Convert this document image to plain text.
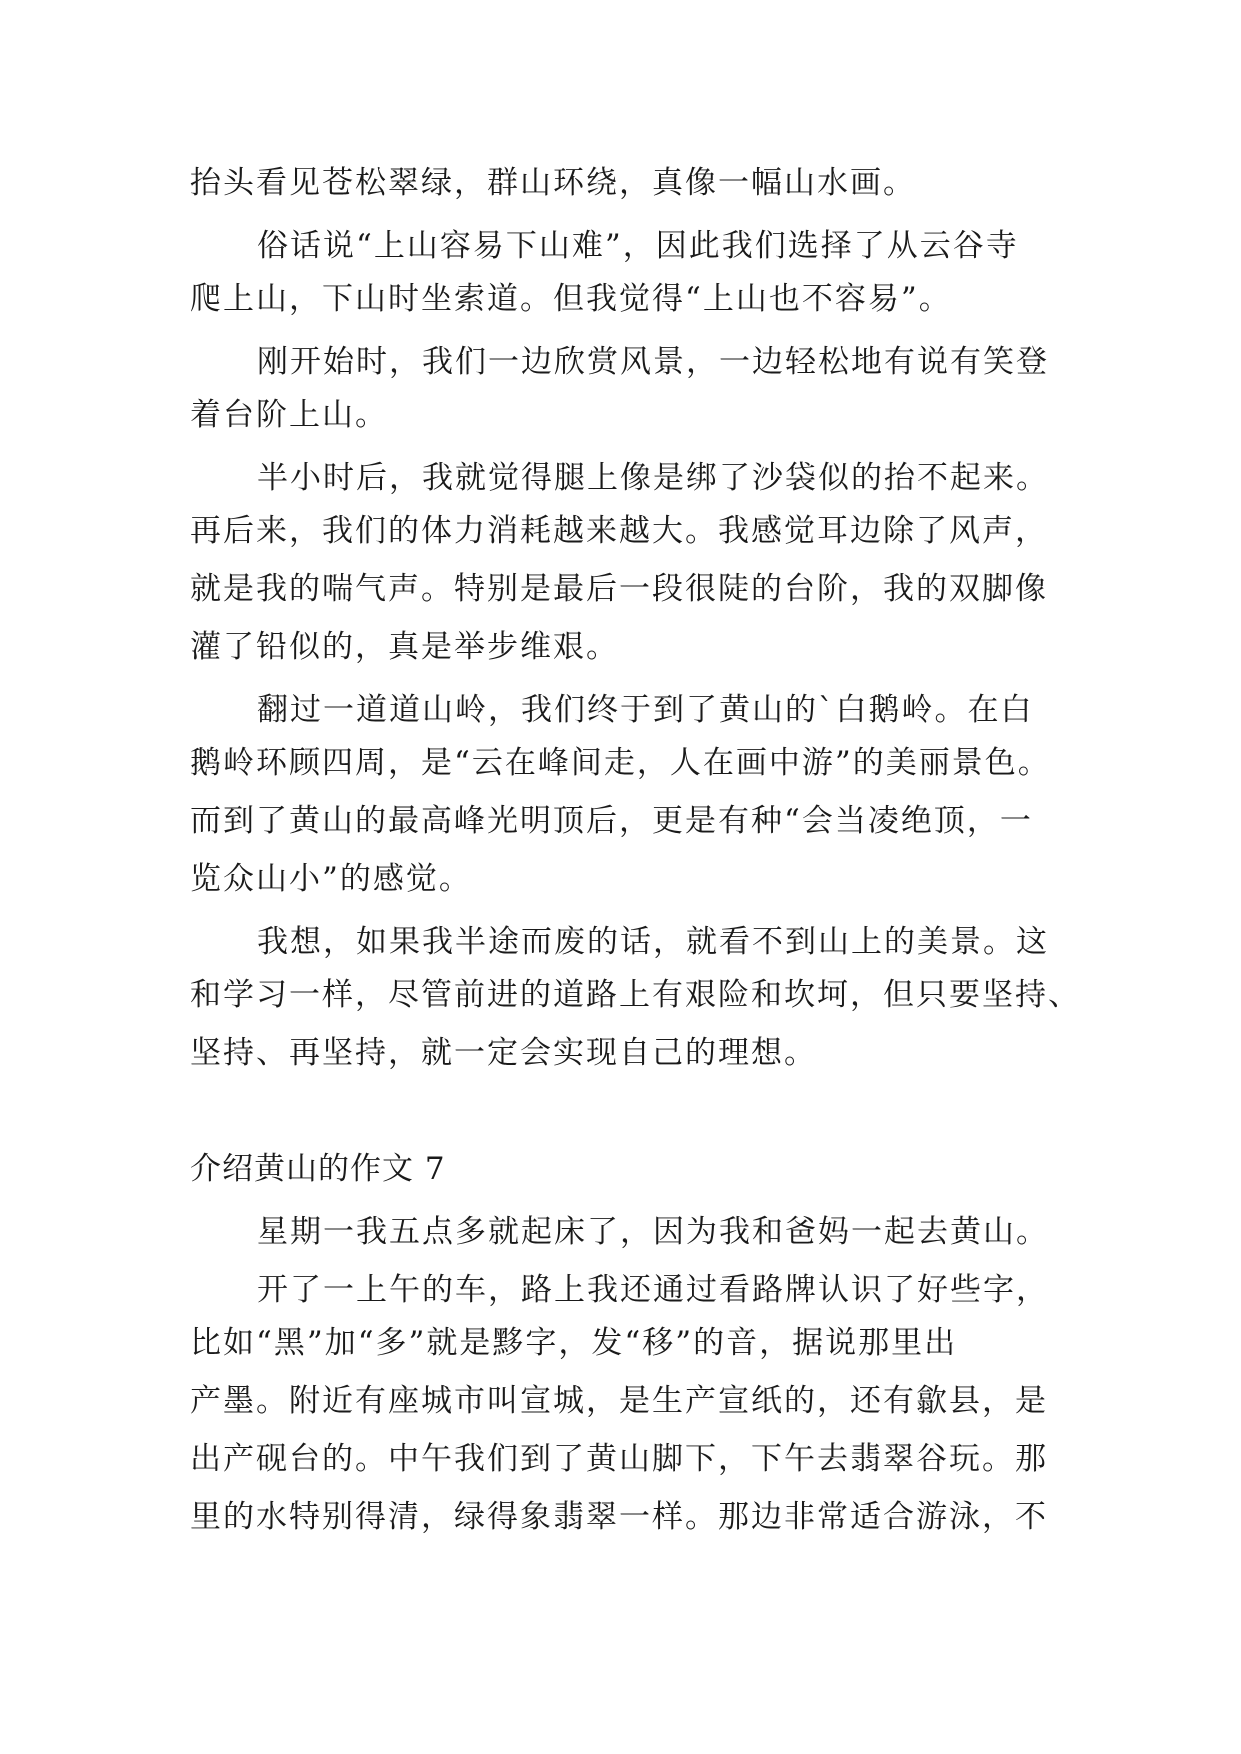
抬头看见苍松翠绿，群山环绕，真像一幅山水画。
俗话说“上山容易下山难”，因此我们选择了从云谷寺
爬上山，下山时坐索道。但我觉得“上山也不容易”。
刚开始时，我们一边欣赏风景，一边轻松地有说有笑登
着台阶上山。
半小时后，我就觉得腿上像是绑了沙袋似的抬不起来。
再后来，我们的体力消耗越来越大。我感觉耳边除了风声，
就是我的喘气声。特别是最后一段很陡的台阶，我的双脚像
灌了铅似的，真是举步维艰。
翻过一道道山岭，我们终于到了黄山的`白鹅岭。在白
鹅岭环顾四周，是“云在峰间走，人在画中游”的美丽景色。
而到了黄山的最高峰光明顶后，更是有种“会当凌绝顶，一
览众山小”的感觉。
我想，如果我半途而废的话，就看不到山上的美景。这
和学习一样，尽管前进的道路上有艰险和坎坷，但只要坚持、
坚持、再坚持，就一定会实现自己的理想。
介绍黄山的作文 7
星期一我五点多就起床了，因为我和爸妈一起去黄山。
开了一上午的车，路上我还通过看路牌认识了好些字，
比如“黑”加“多”就是黟字，发“移”的音，据说那里出
产墨。附近有座城市叫宣城，是生产宣纸的，还有歙县，是
出产砚台的。中午我们到了黄山脚下，下午去翡翠谷玩。那
里的水特别得清，绿得象翡翠一样。那边非常适合游泳，不
